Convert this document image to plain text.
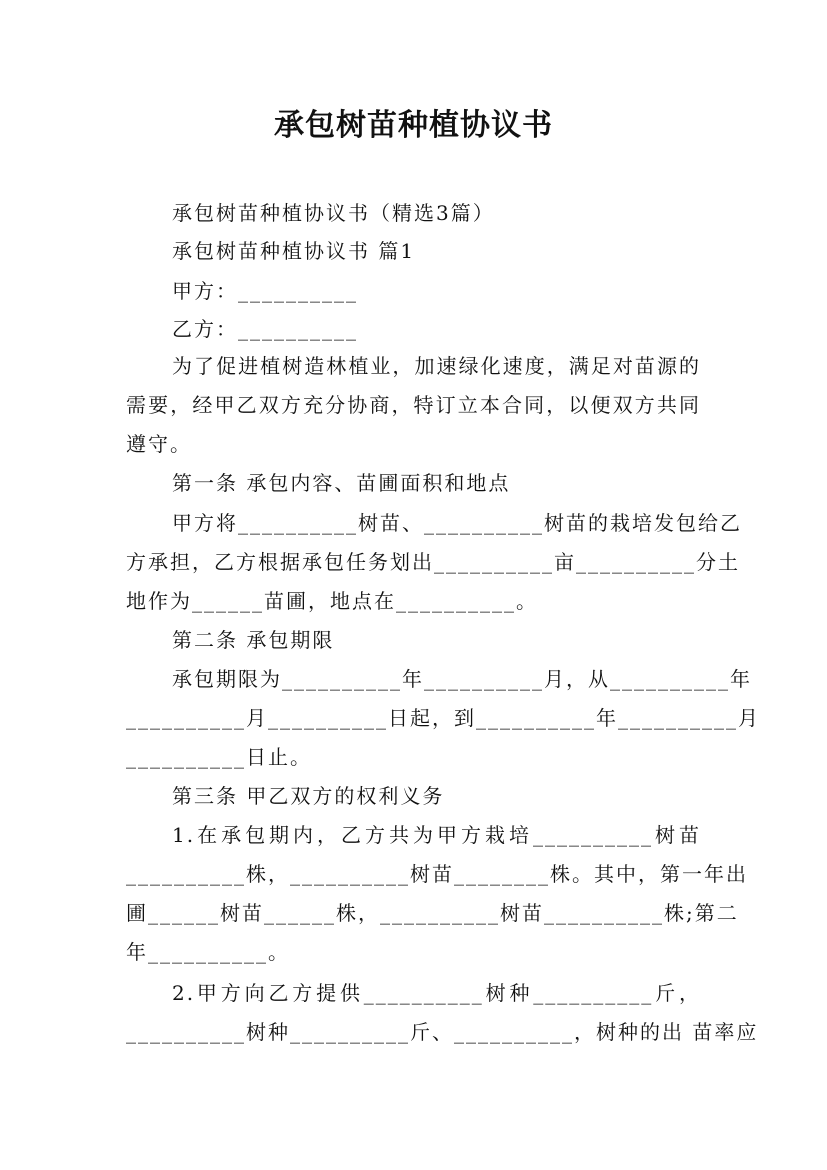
承包树苗种植协议书
承包树苗种植协议书（精选3篇）
承包树苗种植协议书 篇1
甲方：__________
乙方：__________
为了促进植树造林植业，加速绿化速度，满足对苗源的
需要，经甲乙双方充分协商，特订立本合同，以便双方共同
遵守。
第一条 承包内容、苗圃面积和地点
甲方将__________树苗、__________树苗的栽培发包给乙
方承担，乙方根据承包任务划出__________亩__________分土
地作为______苗圃，地点在__________。
第二条 承包期限
承包期限为__________年__________月，从__________年
__________月__________日起，到__________年__________月
__________日止。
第三条 甲乙双方的权利义务
1.在承包期内，乙方共为甲方栽培__________树苗
__________株，__________树苗________株。其中，第一年出
圃______树苗______株，__________树苗__________株;第二
年__________。
2.甲方向乙方提供__________树种__________斤，
__________树种__________斤、__________，树种的出 苗率应
